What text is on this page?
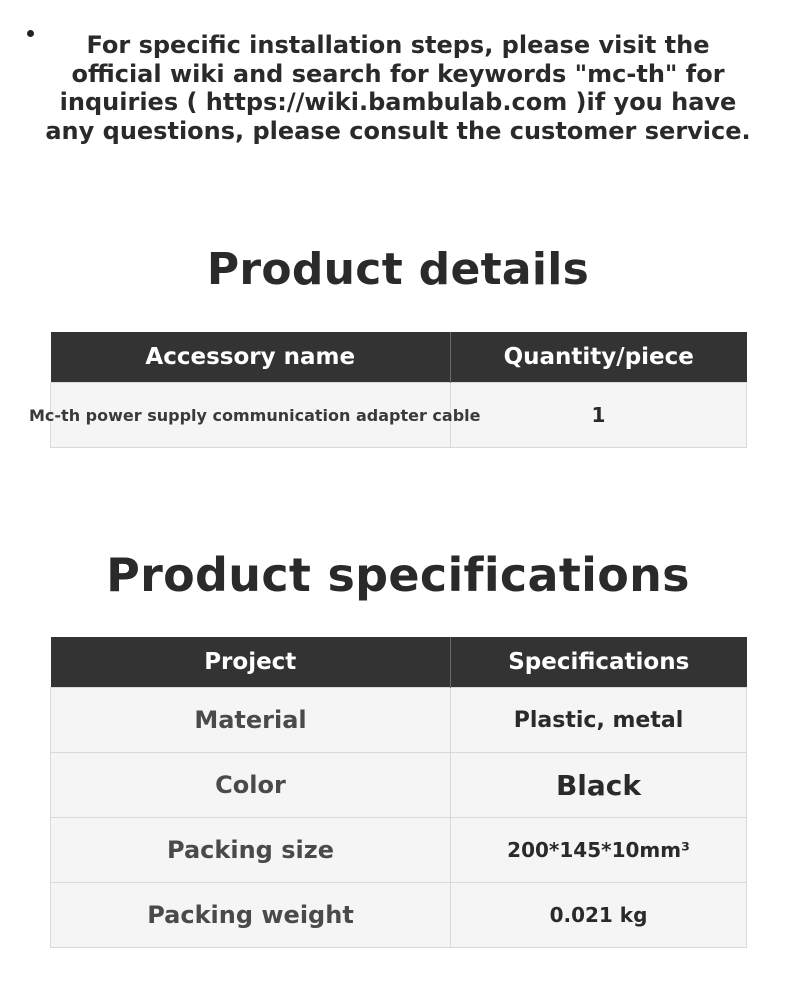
For specific installation steps, please visit the
official wiki and search for keywords "mc-th" for
inquiries ( https://wiki.bambulab.com )if you have
any questions, please consult the customer service.
Product details
Accessory name	Quantity/piece
Mc-th power supply communication adapter cable	1
Product specifications
Project	Specifications
Material	Plastic, metal
Color	Black
Packing size	200*145*10mm³
Packing weight	0.021 kg
